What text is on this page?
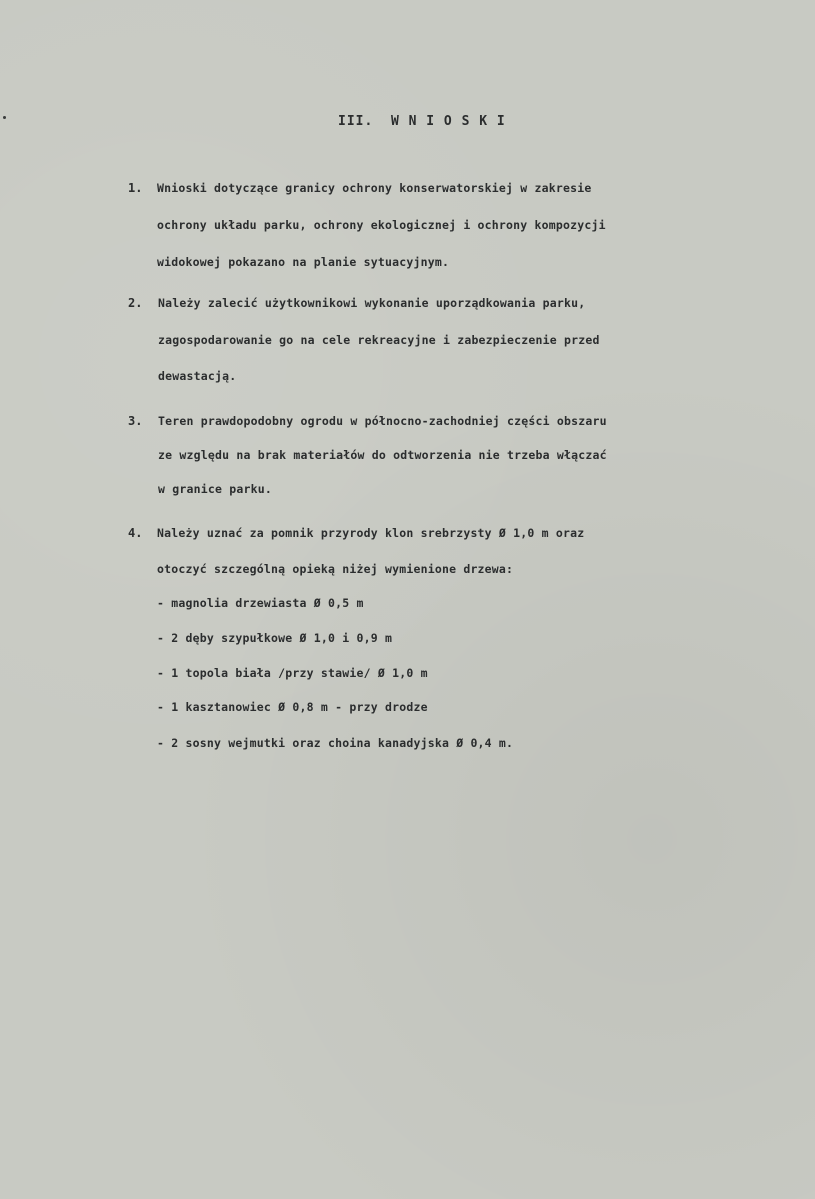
III.  W N I O S K I
1. Wnioski dotyczące granicy ochrony konserwatorskiej w zakresie
ochrony układu parku, ochrony ekologicznej i ochrony kompozycji
widokowej pokazano na planie sytuacyjnym.
2. Należy zalecić użytkownikowi wykonanie uporządkowania parku,
zagospodarowanie go na cele rekreacyjne i zabezpieczenie przed
dewastacją.
3. Teren prawdopodobny ogrodu w północno-zachodniej części obszaru
ze względu na brak materiałów do odtworzenia nie trzeba włączać
w granice parku.
4. Należy uznać za pomnik przyrody klon srebrzysty Ø 1,0 m oraz
otoczyć szczególną opieką niżej wymienione drzewa:
- magnolia drzewiasta Ø 0,5 m
- 2 dęby szypułkowe Ø 1,0 i 0,9 m
- 1 topola biała /przy stawie/ Ø 1,0 m
- 1 kasztanowiec Ø 0,8 m - przy drodze
- 2 sosny wejmutki oraz choina kanadyjska Ø 0,4 m.
